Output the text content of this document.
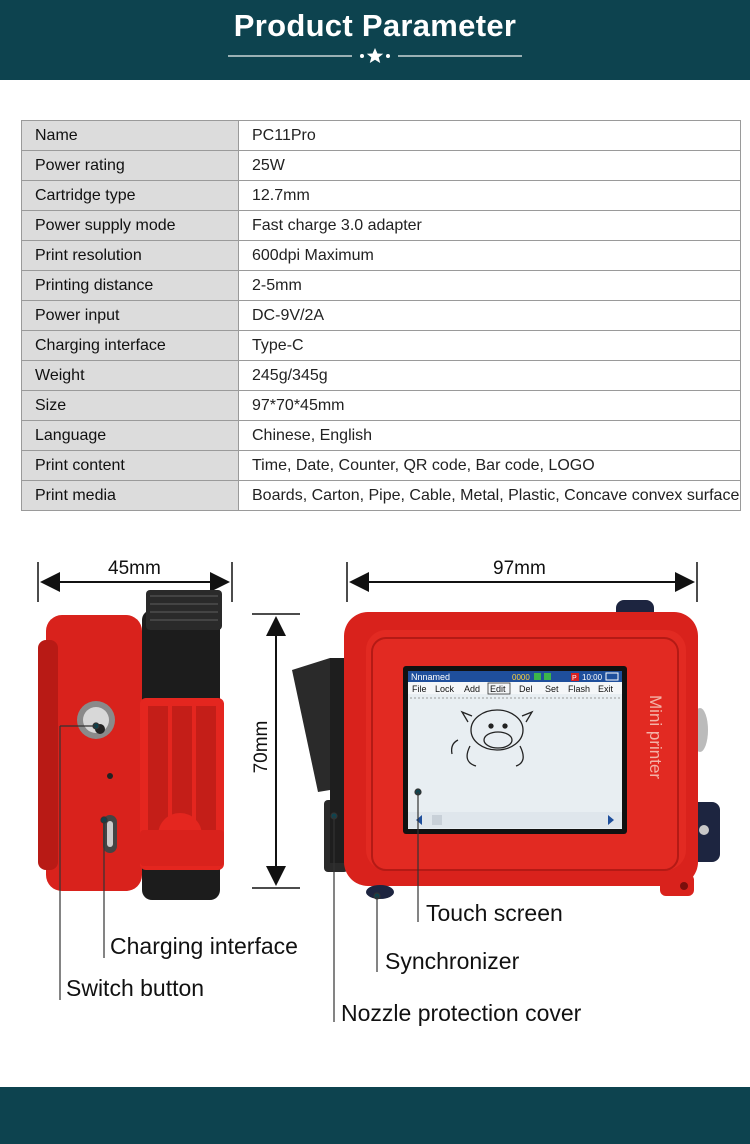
Product Parameter
Name	PC11Pro
Power rating	25W
Cartridge type	12.7mm
Power supply mode	Fast charge 3.0 adapter
Print resolution	600dpi Maximum
Printing distance	2-5mm
Power input	DC-9V/2A
Charging interface	Type-C
Weight	245g/345g
Size	97*70*45mm
Language	Chinese, English
Print content	Time, Date, Counter, QR code, Bar code, LOGO
Print media	Boards, Carton, Pipe, Cable, Metal, Plastic, Concave convex surface
Mini printer
Nnnamed	0000	P 10:00
File Lock Add Edit Del Set Flash Exit
45mm	97mm
70mm
Charging interface
Switch button
Touch screen
Synchronizer
Nozzle protection cover
